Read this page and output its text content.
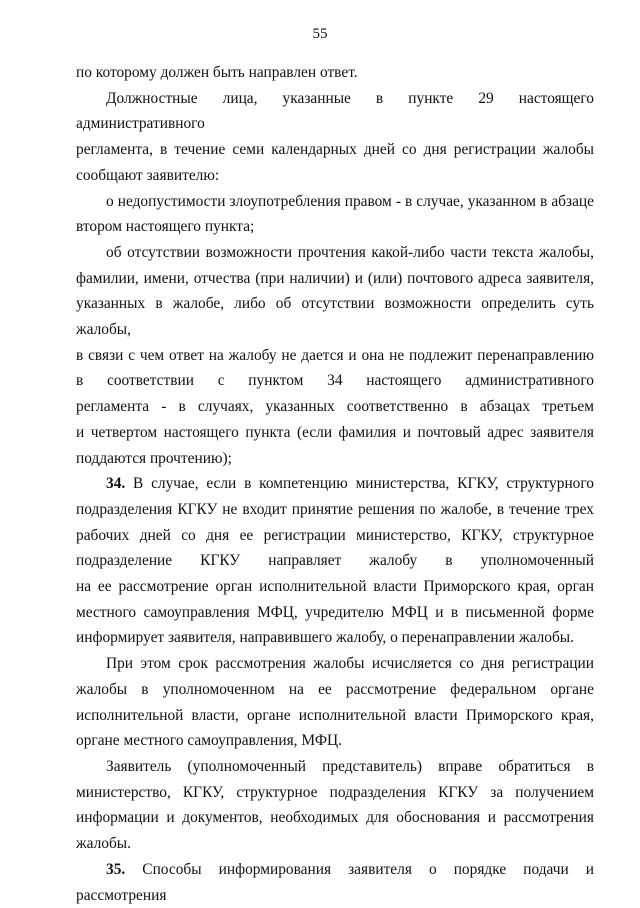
55
по которому должен быть направлен ответ.
Должностные лица, указанные в пункте 29 настоящего административного
регламента, в течение семи календарных дней со дня регистрации жалобы
сообщают заявителю:
о недопустимости злоупотребления правом - в случае, указанном в абзаце
втором настоящего пункта;
об отсутствии возможности прочтения какой-либо части текста жалобы,
фамилии, имени, отчества (при наличии) и (или) почтового адреса заявителя,
указанных в жалобе, либо об отсутствии возможности определить суть жалобы,
в связи с чем ответ на жалобу не дается и она не подлежит перенаправлению
в соответствии с пунктом 34 настоящего административного
регламента - в случаях, указанных соответственно в абзацах третьем
и четвертом настоящего пункта (если фамилия и почтовый адрес заявителя
поддаются прочтению);
34. В случае, если в компетенцию министерства, КГКУ, структурного
подразделения КГКУ не входит принятие решения по жалобе, в течение трех
рабочих дней со дня ее регистрации министерство, КГКУ, структурное
подразделение КГКУ направляет жалобу в уполномоченный
на ее рассмотрение орган исполнительной власти Приморского края, орган
местного самоуправления МФЦ, учредителю МФЦ и в письменной форме
информирует заявителя, направившего жалобу, о перенаправлении жалобы.
При этом срок рассмотрения жалобы исчисляется со дня регистрации
жалобы в уполномоченном на ее рассмотрение федеральном органе
исполнительной власти, органе исполнительной власти Приморского края,
органе местного самоуправления, МФЦ.
Заявитель (уполномоченный представитель) вправе обратиться в
министерство, КГКУ, структурное подразделения КГКУ за получением
информации и документов, необходимых для обоснования и рассмотрения
жалобы.
35. Способы информирования заявителя о порядке подачи и рассмотрения
